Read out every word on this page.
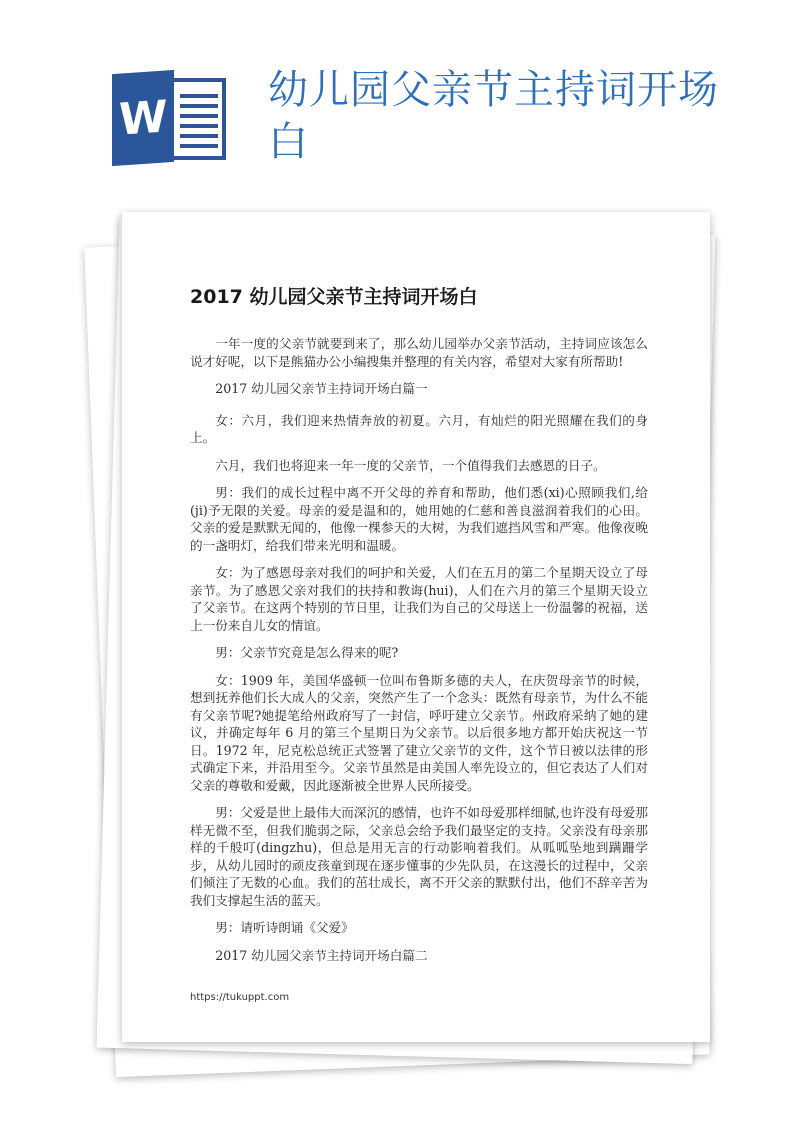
W
幼儿园父亲节主持词开场白
2017 幼儿园父亲节主持词开场白

一年一度的父亲节就要到来了，那么幼儿园举办父亲节活动，主持词应该怎么说才好呢，以下是熊猫办公小编搜集并整理的有关内容，希望对大家有所帮助!

2017 幼儿园父亲节主持词开场白篇一

女：六月，我们迎来热情奔放的初夏。六月，有灿烂的阳光照耀在我们的身上。

六月，我们也将迎来一年一度的父亲节，一个值得我们去感恩的日子。

男：我们的成长过程中离不开父母的养育和帮助，他们悉(xi)心照顾我们,给(ji)予无限的关爱。母亲的爱是温和的，她用她的仁慈和善良滋润着我们的心田。父亲的爱是默默无闻的，他像一棵参天的大树，为我们遮挡风雪和严寒。他像夜晚的一盏明灯，给我们带来光明和温暖。

女：为了感恩母亲对我们的呵护和关爱，人们在五月的第二个星期天设立了母亲节。为了感恩父亲对我们的扶持和教诲(hui)，人们在六月的第三个星期天设立了父亲节。在这两个特别的节日里，让我们为自己的父母送上一份温馨的祝福，送上一份来自儿女的情谊。

男：父亲节究竟是怎么得来的呢?

女：1909 年，美国华盛顿一位叫布鲁斯多德的夫人，在庆贺母亲节的时候，想到抚养他们长大成人的父亲，突然产生了一个念头：既然有母亲节，为什么不能有父亲节呢?她提笔给州政府写了一封信，呼吁建立父亲节。州政府采纳了她的建议，并确定每年 6 月的第三个星期日为父亲节。以后很多地方都开始庆祝这一节日。1972 年，尼克松总统正式签署了建立父亲节的文件，这个节日被以法律的形式确定下来，并沿用至今。父亲节虽然是由美国人率先设立的，但它表达了人们对父亲的尊敬和爱戴，因此逐渐被全世界人民所接受。

男：父爱是世上最伟大而深沉的感情，也许不如母爱那样细腻,也许没有母爱那样无微不至，但我们脆弱之际，父亲总会给予我们最坚定的支持。父亲没有母亲那样的千般叮(dingzhu)，但总是用无言的行动影响着我们。从呱呱坠地到蹒跚学步，从幼儿园时的顽皮孩童到现在逐步懂事的少先队员，在这漫长的过程中，父亲们倾注了无数的心血。我们的茁壮成长，离不开父亲的默默付出，他们不辞辛苦为我们支撑起生活的蓝天。

男：请听诗朗诵《父爱》

2017 幼儿园父亲节主持词开场白篇二

https://tukuppt.com
